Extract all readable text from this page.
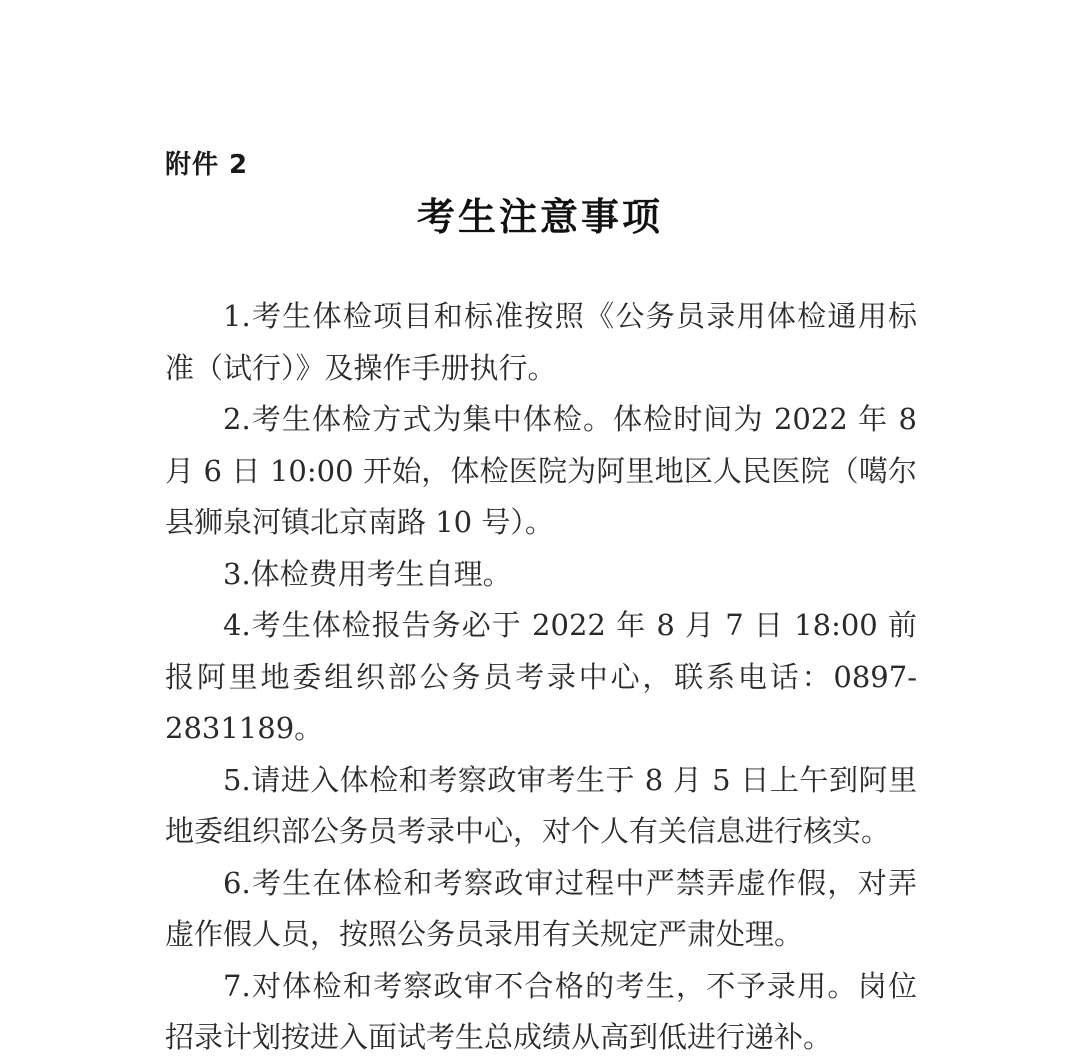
附件 2
考生注意事项

1.考生体检项目和标准按照《公务员录用体检通用标准（试行）》及操作手册执行。

2.考生体检方式为集中体检。体检时间为 2022 年 8 月 6 日 10:00 开始，体检医院为阿里地区人民医院（噶尔县狮泉河镇北京南路 10 号）。

3.体检费用考生自理。

4.考生体检报告务必于 2022 年 8 月 7 日 18:00 前报阿里地委组织部公务员考录中心，联系电话：0897-2831189。

5.请进入体检和考察政审考生于 8 月 5 日上午到阿里地委组织部公务员考录中心，对个人有关信息进行核实。

6.考生在体检和考察政审过程中严禁弄虚作假，对弄虚作假人员，按照公务员录用有关规定严肃处理。

7.对体检和考察政审不合格的考生，不予录用。岗位招录计划按进入面试考生总成绩从高到低进行递补。
